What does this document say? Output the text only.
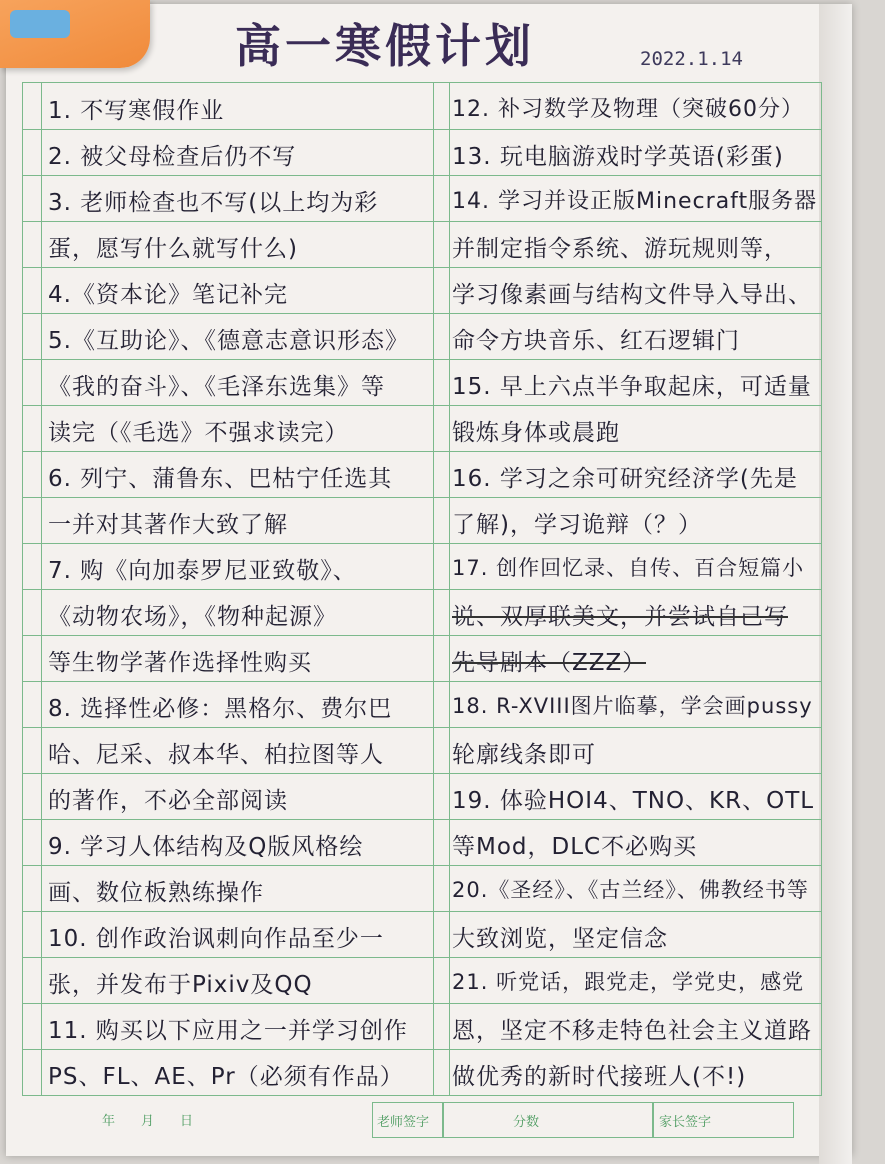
高一寒假计划	2022.1.14
1. 不写寒假作业
2. 被父母检查后仍不写
3. 老师检查也不写(以上均为彩
蛋，愿写什么就写什么)
4.《资本论》笔记补完
5.《互助论》、《德意志意识形态》
《我的奋斗》、《毛泽东选集》等
读完（《毛选》不强求读完）
6. 列宁、蒲鲁东、巴枯宁任选其
一并对其著作大致了解
7. 购《向加泰罗尼亚致敬》、
《动物农场》，《物种起源》
等生物学著作选择性购买
8. 选择性必修：黑格尔、费尔巴
哈、尼采、叔本华、柏拉图等人
的著作，不必全部阅读
9. 学习人体结构及Q版风格绘
画、数位板熟练操作
10. 创作政治讽刺向作品至少一
张，并发布于Pixiv及QQ
11. 购买以下应用之一并学习创作
PS、FL、AE、Pr（必须有作品）
12. 补习数学及物理（突破60分）
13. 玩电脑游戏时学英语(彩蛋)
14. 学习并设正版Minecraft服务器
并制定指令系统、游玩规则等，
学习像素画与结构文件导入导出、
命令方块音乐、红石逻辑门
15. 早上六点半争取起床，可适量
锻炼身体或晨跑
16. 学习之余可研究经济学(先是
了解)，学习诡辩（？）
17. 创作回忆录、自传、百合短篇小
说、双厚联美文，并尝试自己写
先导剧本（ZZZ）
18. R-XVIII图片临摹，学会画pussy
轮廓线条即可
19. 体验HOI4、TNO、KR、OTL
等Mod，DLC不必购买
20.《圣经》、《古兰经》、佛教经书等
大致浏览，坚定信念
21. 听党话，跟党走，学党史，感党
恩，坚定不移走特色社会主义道路
做优秀的新时代接班人(不!)
年　　月　　日	老师签字	分数	家长签字
